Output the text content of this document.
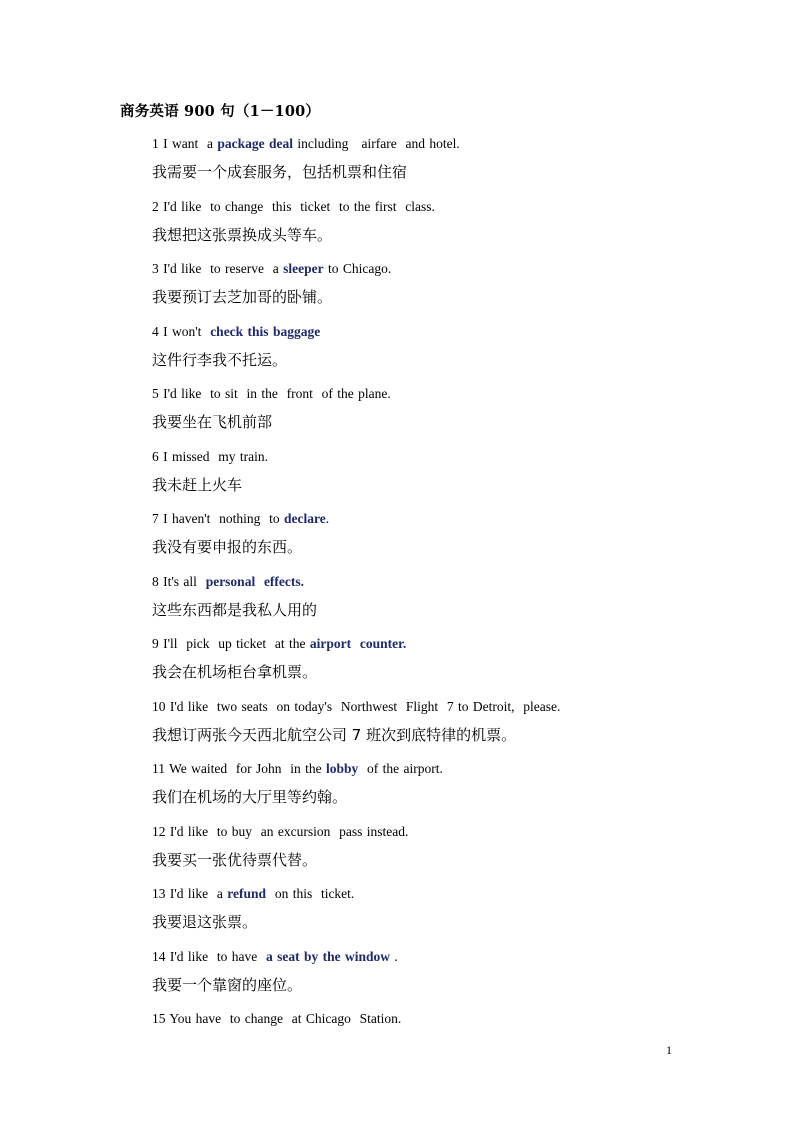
商务英语 900 句（1－100）
1 I want  a package deal including   airfare  and hotel.
我需要一个成套服务，包括机票和住宿
2 I'd like  to change  this  ticket  to the first  class.
我想把这张票换成头等车。
3 I'd like  to reserve  a sleeper to Chicago.
我要预订去芝加哥的卧铺。
4 I won't  check this baggage
这件行李我不托运。
5 I'd like  to sit  in the  front  of the plane.
我要坐在飞机前部
6 I missed  my train.
我未赶上火车
7 I haven't  nothing  to declare.
我没有要申报的东西。
8 It's all  personal  effects.
这些东西都是我私人用的
9 I'll  pick  up ticket  at the airport  counter.
我会在机场柜台拿机票。
10 I'd like  two seats  on today's  Northwest  Flight  7 to Detroit,  please.
我想订两张今天西北航空公司 7 班次到底特律的机票。
11 We waited  for John  in the lobby  of the airport.
我们在机场的大厅里等约翰。
12 I'd like  to buy  an excursion  pass instead.
我要买一张优待票代替。
13 I'd like  a refund  on this  ticket.
我要退这张票。
14 I'd like  to have  a seat by the window .
我要一个靠窗的座位。
15 You have  to change  at Chicago  Station.
1
